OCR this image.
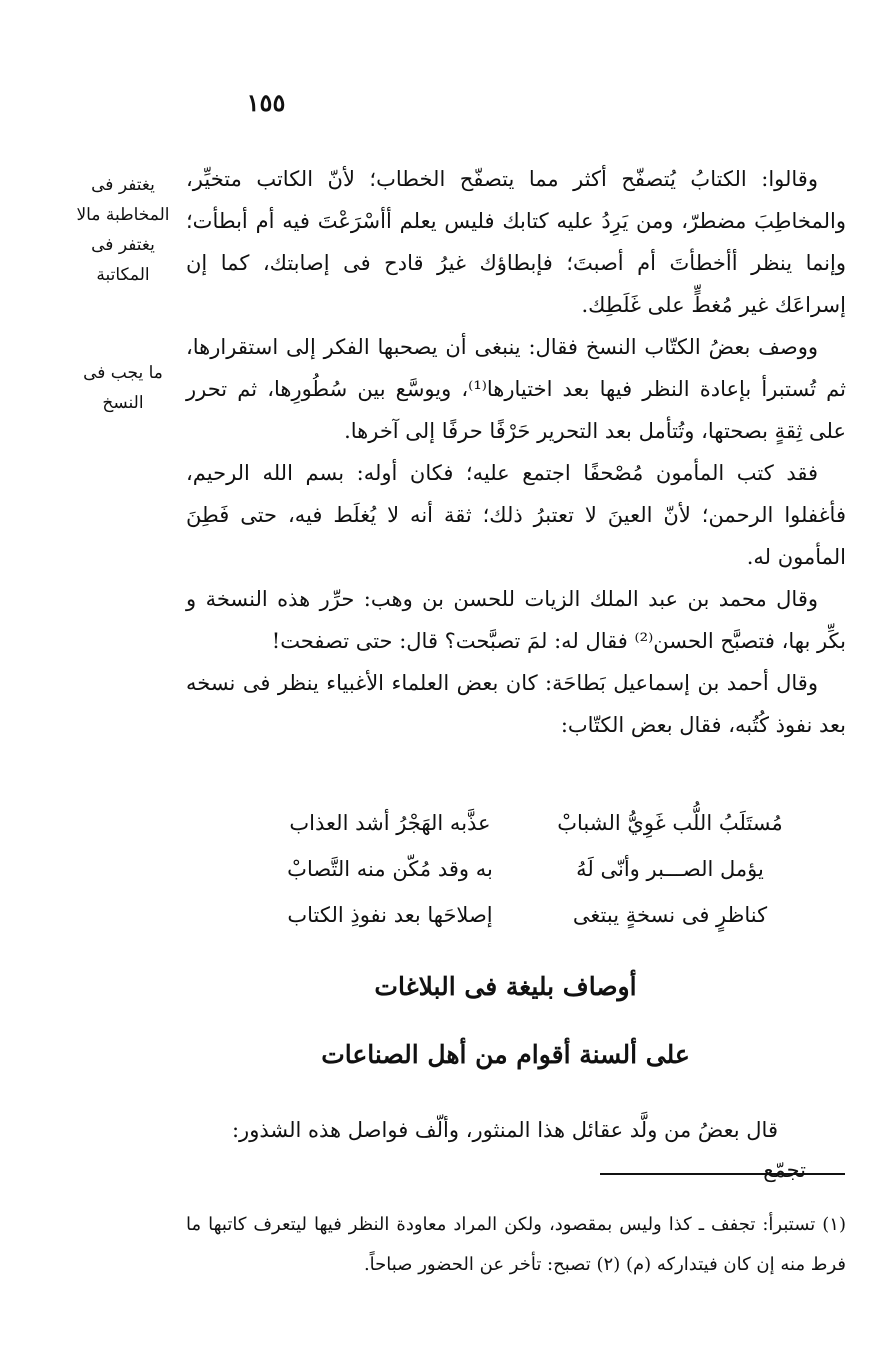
١٥٥

يغتفر فى المخاطبة مالا يغتفر فى المكاتبة

ما يجب فى النسخ

وقالوا: الكتابُ يُتصفّح أكثر مما يتصفّح الخطاب؛ لأنّ الكاتب متخيِّر، والمخاطِبَ مضطرّ، ومن يَرِدُ عليه كتابك فليس يعلم أأسْرَعْتَ فيه أم أبطأت؛ وإنما ينظر أأخطأتَ أم أصبتَ؛ فإبطاؤك غيرُ قادح فى إصابتك، كما إن إسراعَك غير مُغطٍّ على غَلَطِك.

ووصف بعضُ الكتّاب النسخ فقال: ينبغى أن يصحبها الفكر إلى استقرارها، ثم تُستبرأ بإعادة النظر فيها بعد اختيارها⁽¹⁾، ويوسَّع بين سُطُورِها، ثم تحرر على ثِقةٍ بصحتها، وتُتأمل بعد التحرير حَرْفًا حرفًا إلى آخرها.

فقد كتب المأمون مُصْحفًا اجتمع عليه؛ فكان أوله: بسم الله الرحيم، فأغفلوا الرحمن؛ لأنّ العينَ لا تعتبرُ ذلك؛ ثقة أنه لا يُغلَط فيه، حتى فَطِنَ المأمون له.

وقال محمد بن عبد الملك الزيات للحسن بن وهب: حرِّر هذه النسخة و بكِّر بها، فتصبَّح الحسن⁽²⁾ فقال له: لمَ تصبَّحت؟ قال: حتى تصفحت!

وقال أحمد بن إسماعيل بَطاحَة: كان بعض العلماء الأغبياء ينظر فى نسخه بعد نفوذ كُتُبه، فقال بعض الكتّاب:

مُستَلَبُ اللُّب غَوِيُّ الشبابْ
عذَّبه الهَجْرُ أشد العذاب
يؤمل الصـــبر وأنّى لَهُ
به وقد مُكّن منه التَّصابْ
كناظرٍ فى نسخةٍ يبتغى
إصلاحَها بعد نفوذِ الكتاب
أوصاف بليغة فى البلاغات
على ألسنة أقوام من أهل الصناعات
قال بعضُ من ولَّد عقائل هذا المنثور، وألّف فواصل هذه الشذور: تجمّع

(١) تستبرأ: تجفف ـ كذا وليس بمقصود، ولكن المراد معاودة النظر فيها ليتعرف كاتبها ما فرط منه إن كان فيتداركه (م) (٢) تصبح: تأخر عن الحضور صباحاً.
